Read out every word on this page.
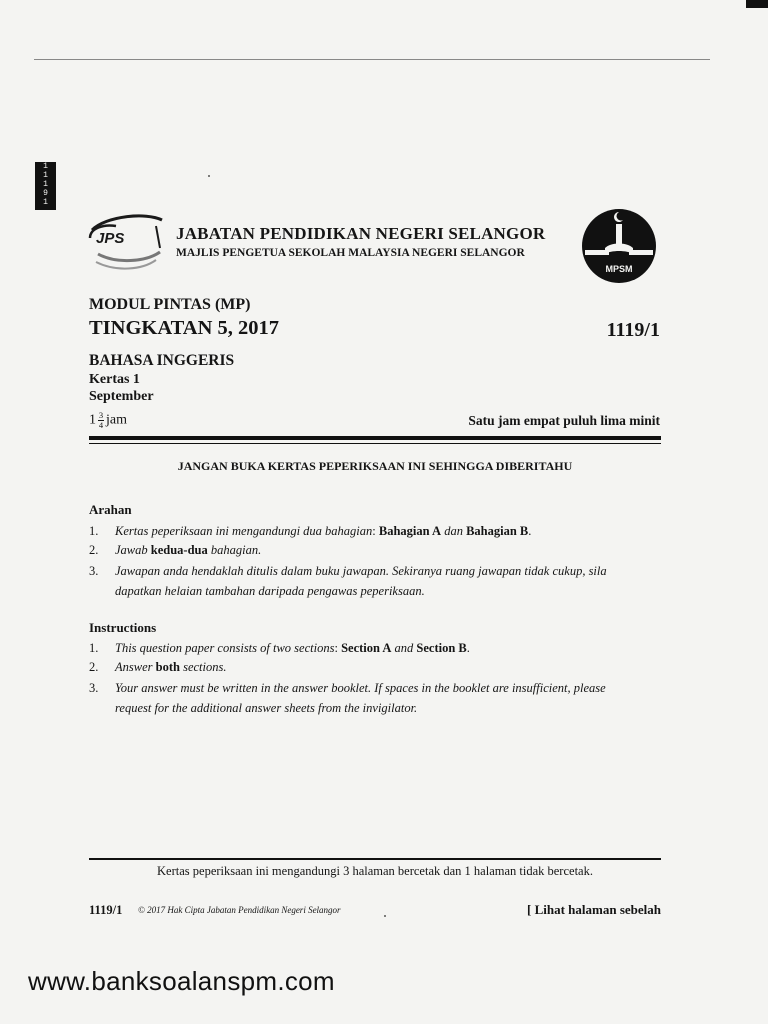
1
1
1
9
1
JPS	JABATAN PENDIDIKAN NEGERI SELANGOR
MAJLIS PENGETUA SEKOLAH MALAYSIA NEGERI SELANGOR
MPSM
MODUL PINTAS (MP)
TINGKATAN 5, 2017	1119/1
BAHASA INGGERIS
Kertas 1
September
$1 \frac{3}{4}$ jam	Satu jam empat puluh lima minit
JANGAN BUKA KERTAS PEPERIKSAAN INI SEHINGGA DIBERITAHU
Arahan
1. Kertas peperiksaan ini mengandungi dua bahagian: Bahagian A dan Bahagian B.
2. Jawab kedua-dua bahagian.
3. Jawapan anda hendaklah ditulis dalam buku jawapan. Sekiranya ruang jawapan tidak cukup, sila
dapatkan helaian tambahan daripada pengawas peperiksaan.
Instructions
1. This question paper consists of two sections: Section A and Section B.
2. Answer both sections.
3. Your answer must be written in the answer booklet. If spaces in the booklet are insufficient, please
request for the additional answer sheets from the invigilator.
Kertas peperiksaan ini mengandungi 3 halaman bercetak dan 1 halaman tidak bercetak.
1119/1 © 2017 Hak Cipta Jabatan Pendidikan Negeri Selangor	[ Lihat halaman sebelah
www.banksoalanspm.com
